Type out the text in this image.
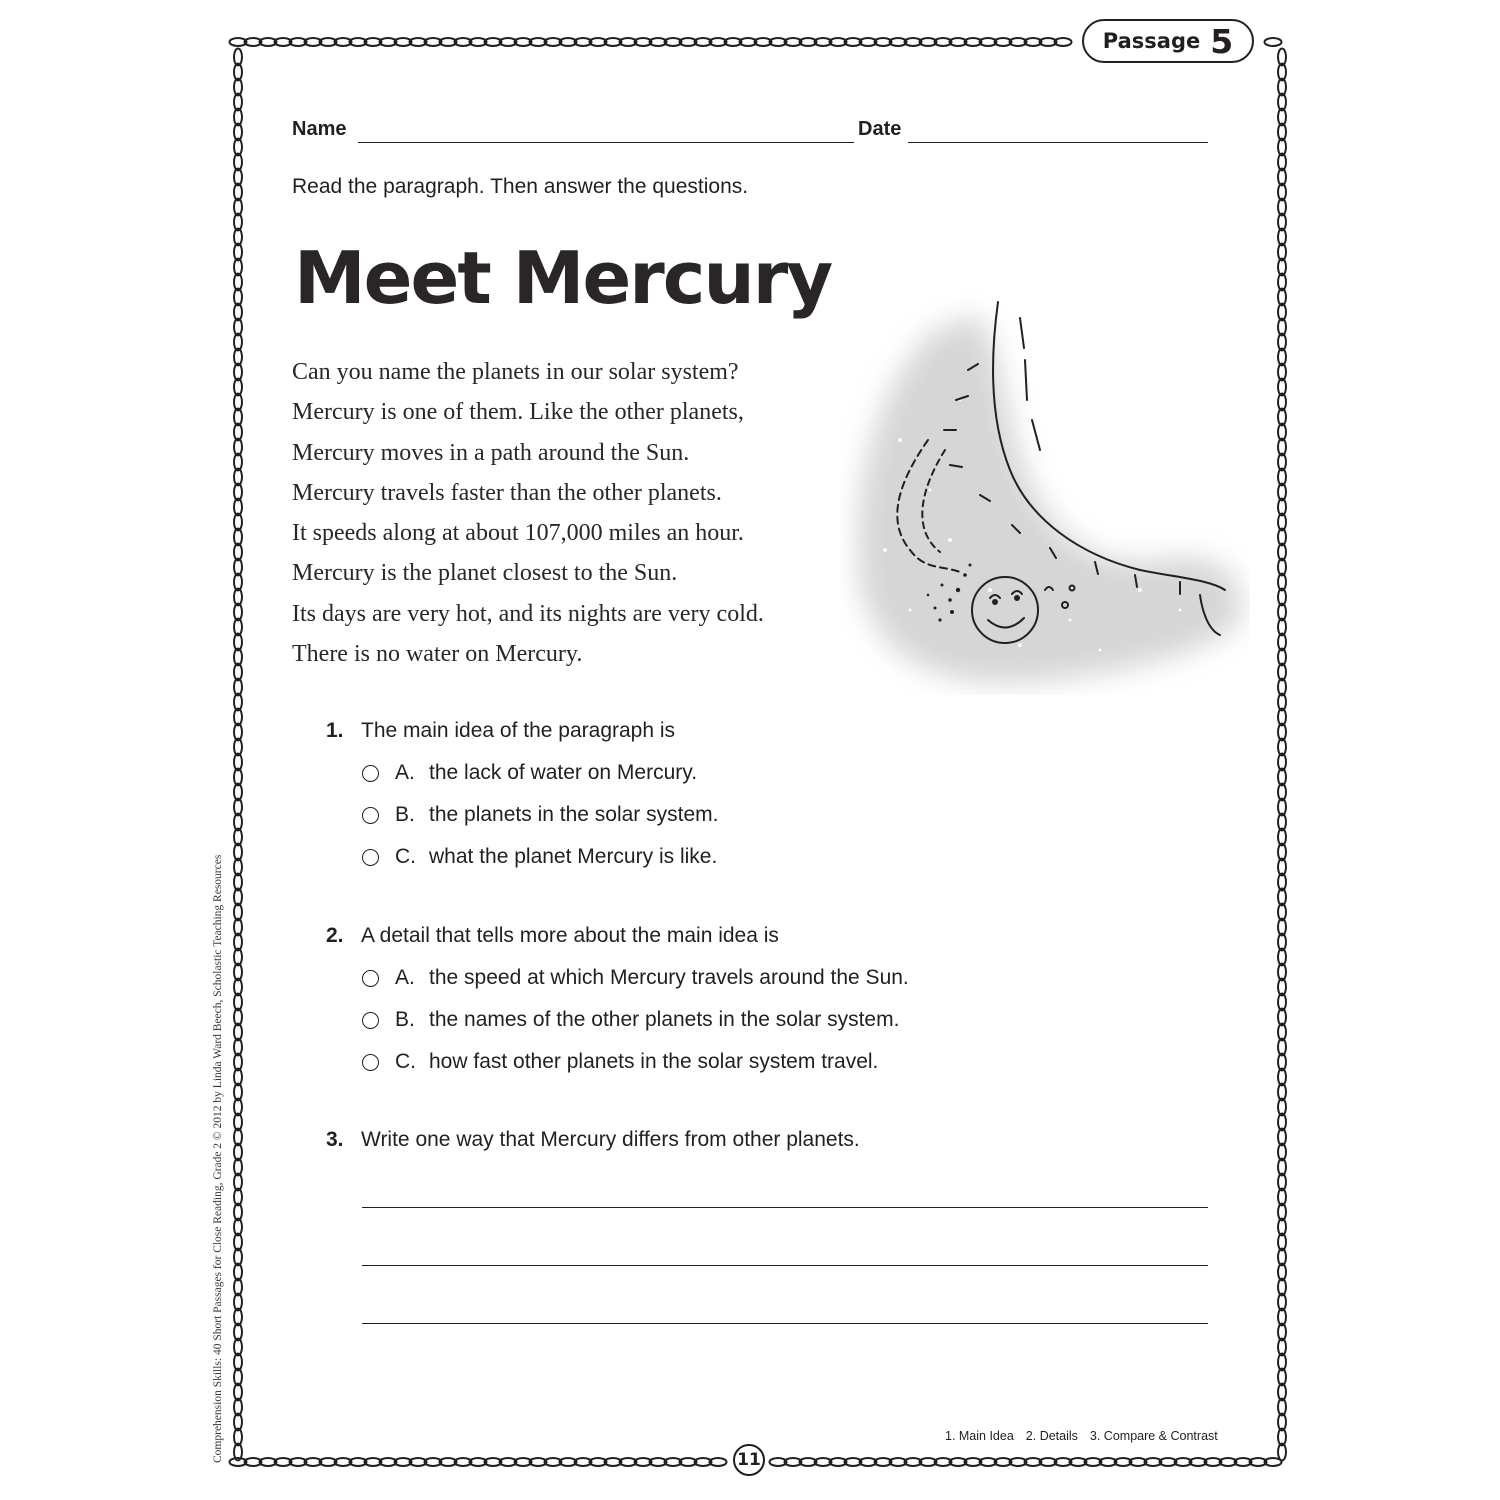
Passage 5
Name	Date
Read the paragraph. Then answer the questions.
Meet Mercury
Can you name the planets in our solar system?
Mercury is one of them. Like the other planets,
Mercury moves in a path around the Sun.
Mercury travels faster than the other planets.
It speeds along at about 107,000 miles an hour.
Mercury is the planet closest to the Sun.
Its days are very hot, and its nights are very cold.
There is no water on Mercury.
1. The main idea of the paragraph is
A. the lack of water on Mercury.
B. the planets in the solar system.
C. what the planet Mercury is like.
2. A detail that tells more about the main idea is
A. the speed at which Mercury travels around the Sun.
B. the names of the other planets in the solar system.
C. how fast other planets in the solar system travel.
3. Write one way that Mercury differs from other planets.
1. Main Idea 2. Details 3. Compare & Contrast
11
Comprehension Skills: 40 Short Passages for Close Reading, Grade 2 © 2012 by Linda Ward Beech, Scholastic Teaching Resources
